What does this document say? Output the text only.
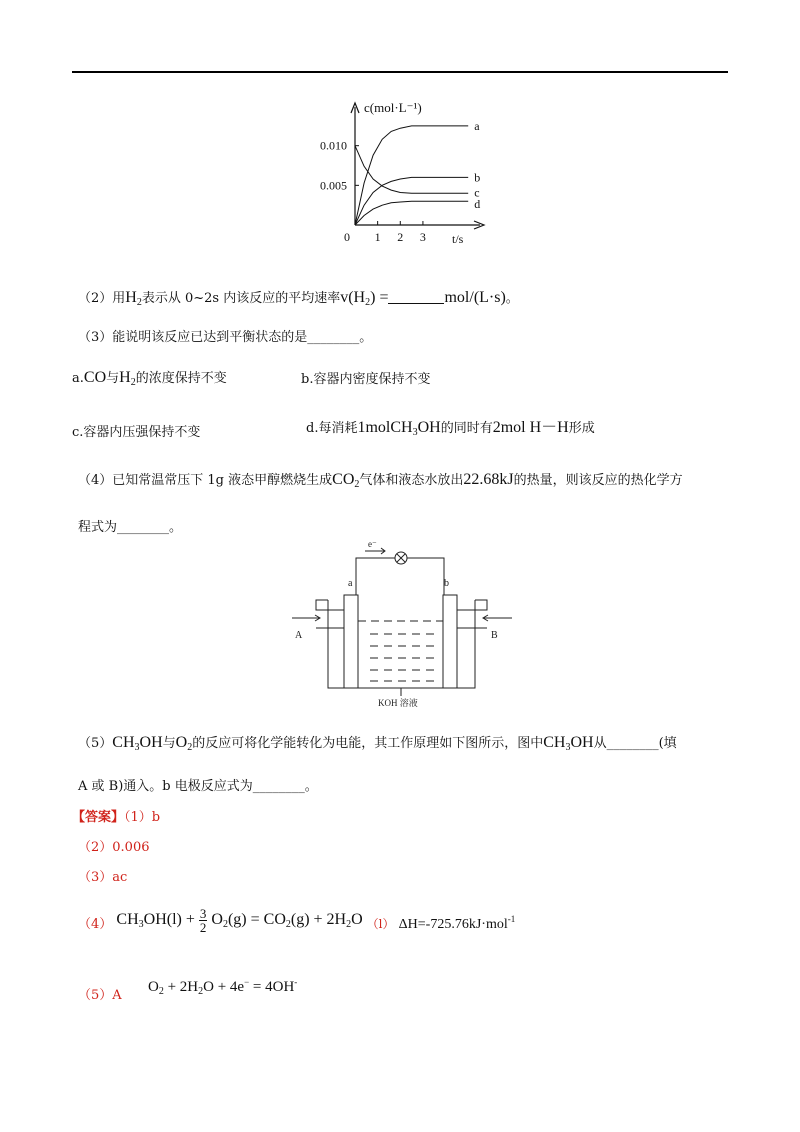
a
b
c
d
1 2 3
0.005
0.010
c(mol·L⁻¹)
t/s
0
（2）用$H_2$表示从 0~2s 内该反应的平均速率$v(H_2)$ =	mol/(L·s)。
（3）能说明该反应已达到平衡状态的是________。
a.CO与$H_2$的浓度保持不变	b.容器内密度保持不变
c.容器内压强保持不变	d.每消耗1molCH$_3$OH的同时有2mol H－H形成
（4）已知常温常压下 1g 液态甲醇燃烧生成$CO_2$气体和液态水放出22.68kJ的热量，则该反应的热化学方
程式为________。
e⁻
a	b
A	B
KOH 溶液
$(5)CH_3OH$与$O_2$的反应可将化学能转化为电能，其工作原理如下图所示，图中$CH_3OH$从________(填
A 或 B)通入。b 电极反应式为________。
【答案】（1）b
（2）0.006
（3）ac
（4） $CH_3OH(l) + \frac{3}{2} O_2(g) = CO_2(g) + 2H_2O$ （l） ΔH=-725.76kJ·mol$^{-1}$
$(5)AO_2 + 2H_2O + 4e^- = 4OH^-$
